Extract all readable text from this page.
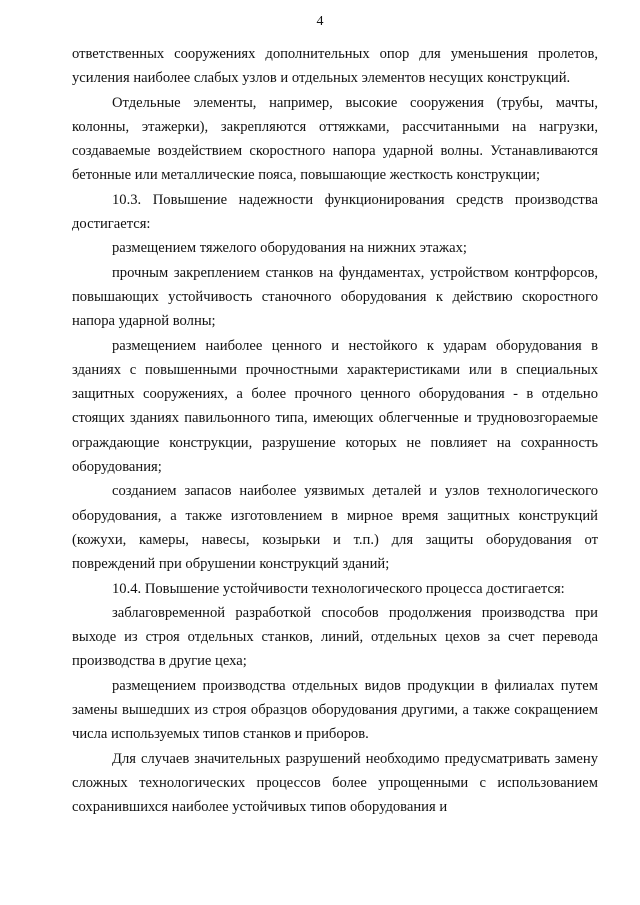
4

ответственных сооружениях дополнительных опор для уменьшения пролетов, усиления наиболее слабых узлов и отдельных элементов несущих конструкций.

Отдельные элементы, например, высокие сооружения (трубы, мачты, колонны, этажерки), закрепляются оттяжками, рассчитанными на нагрузки, создаваемые воздействием скоростного напора ударной волны. Устанавливаются бетонные или металлические пояса, повышающие жесткость конструкции;

10.3. Повышение надежности функционирования средств производства достигается:

размещением тяжелого оборудования на нижних этажах;

прочным закреплением станков на фундаментах, устройством контрфорсов, повышающих устойчивость станочного оборудования к действию скоростного напора ударной волны;

размещением наиболее ценного и нестойкого к ударам оборудования в зданиях с повышенными прочностными характеристиками или в специальных защитных сооружениях, а более прочного ценного оборудования - в отдельно стоящих зданиях павильонного типа, имеющих облегченные и трудновозгораемые ограждающие конструкции, разрушение которых не повлияет на сохранность оборудования;

созданием запасов наиболее уязвимых деталей и узлов технологического оборудования, а также изготовлением в мирное время защитных конструкций (кожухи, камеры, навесы, козырьки и т.п.) для защиты оборудования от повреждений при обрушении конструкций зданий;

10.4. Повышение устойчивости технологического процесса достигается:

заблаговременной разработкой способов продолжения производства при выходе из строя отдельных станков, линий, отдельных цехов за счет перевода производства в другие цеха;

размещением производства отдельных видов продукции в филиалах путем замены вышедших из строя образцов оборудования другими, а также сокращением числа используемых типов станков и приборов.

Для случаев значительных разрушений необходимо предусматривать замену сложных технологических процессов более упрощенными с использованием сохранившихся наиболее устойчивых типов оборудования и
